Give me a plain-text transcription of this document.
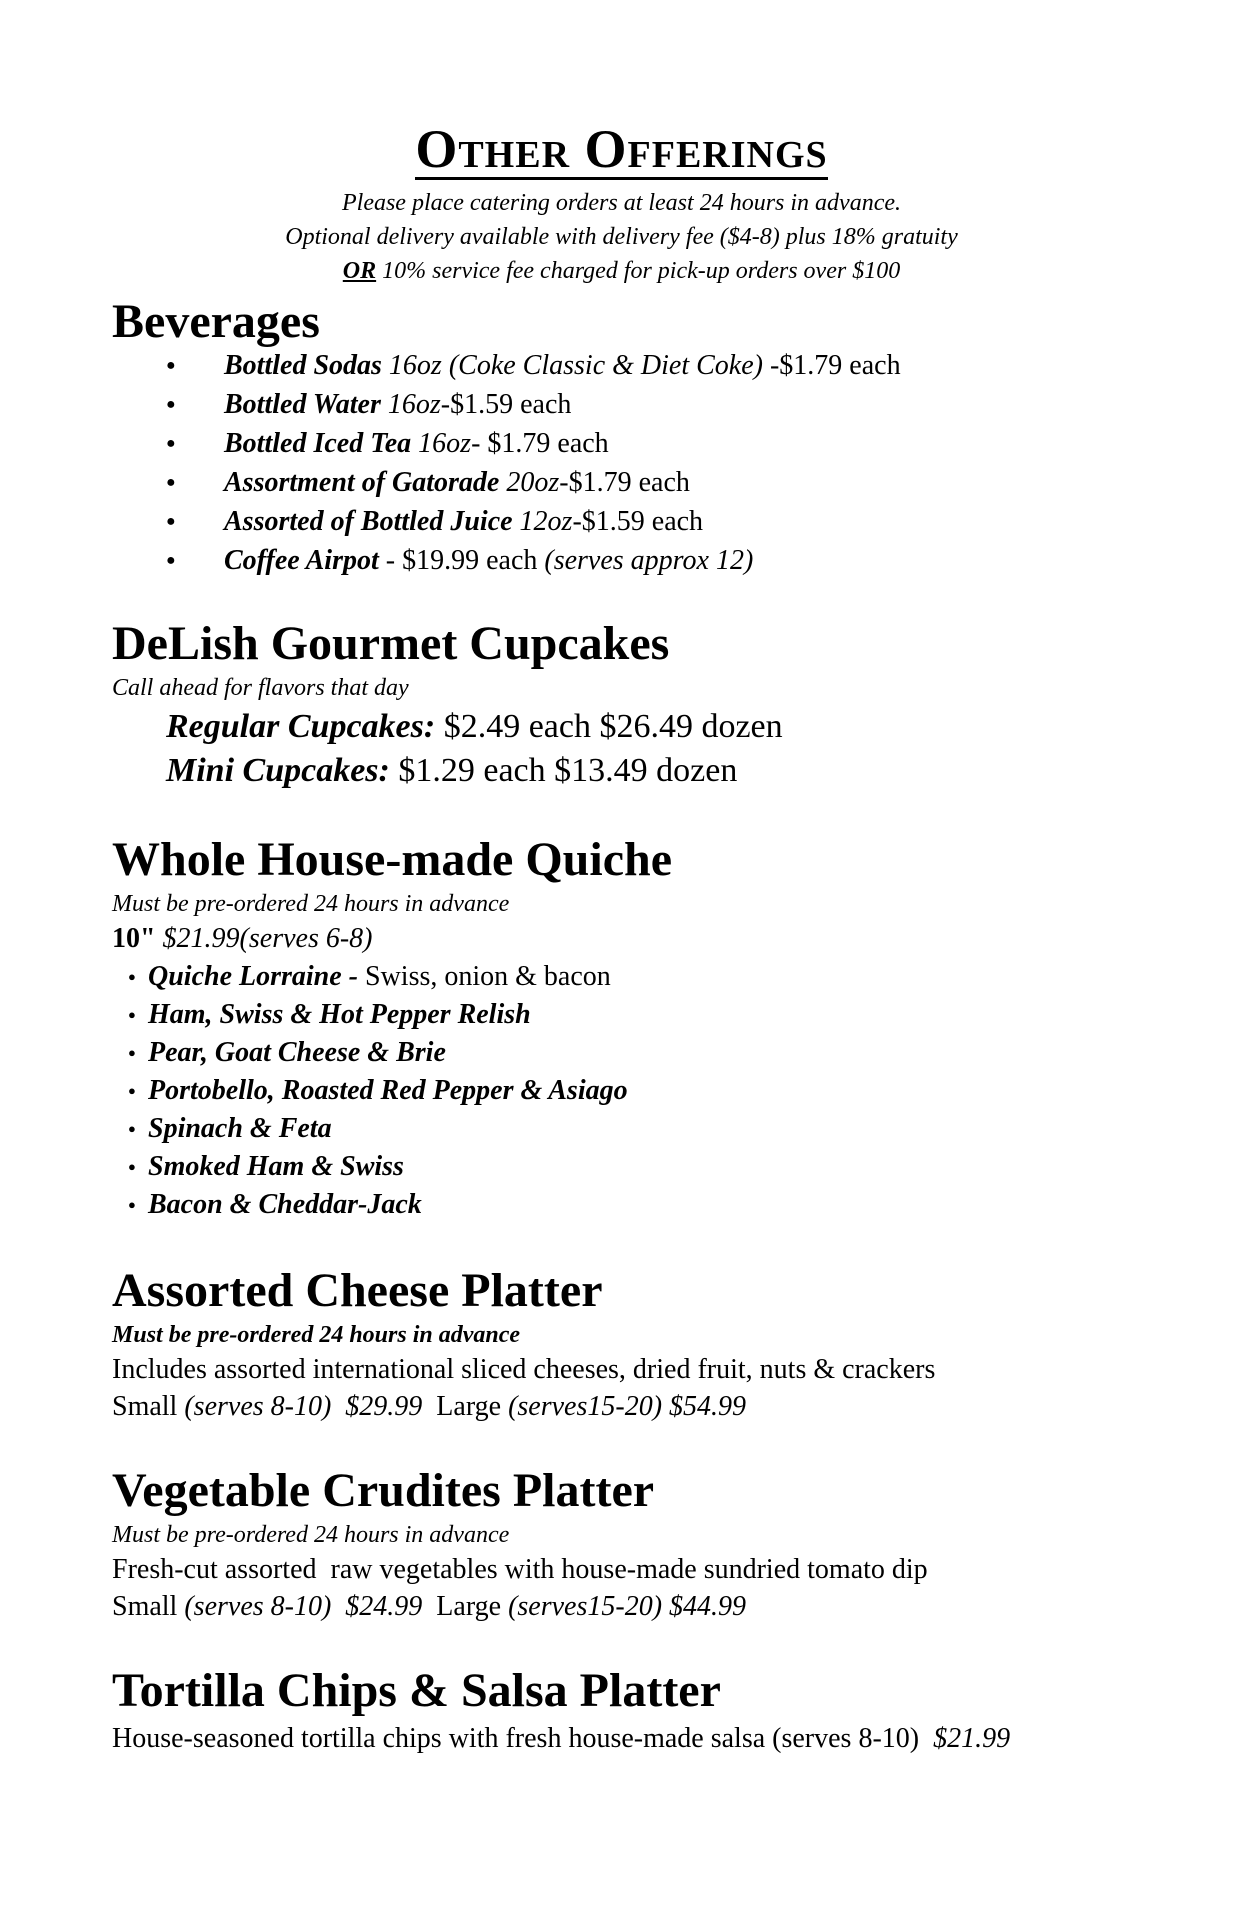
Other Offerings
Please place catering orders at least 24 hours in advance.
Optional delivery available with delivery fee ($4-8) plus 18% gratuity
OR 10% service fee charged for pick-up orders over $100
Beverages
● Bottled Sodas 16oz (Coke Classic & Diet Coke) -$1.79 each
● Bottled Water 16oz-$1.59 each
● Bottled Iced Tea 16oz- $1.79 each
● Assortment of Gatorade 20oz-$1.79 each
● Assorted of Bottled Juice 12oz-$1.59 each
● Coffee Airpot - $19.99 each (serves approx 12)
DeLish Gourmet Cupcakes
Call ahead for flavors that day
Regular Cupcakes: $2.49 each $26.49 dozen
Mini Cupcakes: $1.29 each $13.49 dozen
Whole House-made Quiche
Must be pre-ordered 24 hours in advance
10" $21.99(serves 6-8)
● Quiche Lorraine - Swiss, onion & bacon
● Ham, Swiss & Hot Pepper Relish
● Pear, Goat Cheese & Brie
● Portobello, Roasted Red Pepper & Asiago
● Spinach & Feta
● Smoked Ham & Swiss
● Bacon & Cheddar-Jack
Assorted Cheese Platter
Must be pre-ordered 24 hours in advance
Includes assorted international sliced cheeses, dried fruit, nuts & crackers
Small (serves 8-10)  $29.99  Large (serves15-20) $54.99
Vegetable Crudites Platter
Must be pre-ordered 24 hours in advance
Fresh-cut assorted  raw vegetables with house-made sundried tomato dip
Small (serves 8-10)  $24.99  Large (serves15-20) $44.99
Tortilla Chips & Salsa Platter
House-seasoned tortilla chips with fresh house-made salsa (serves 8-10)  $21.99
